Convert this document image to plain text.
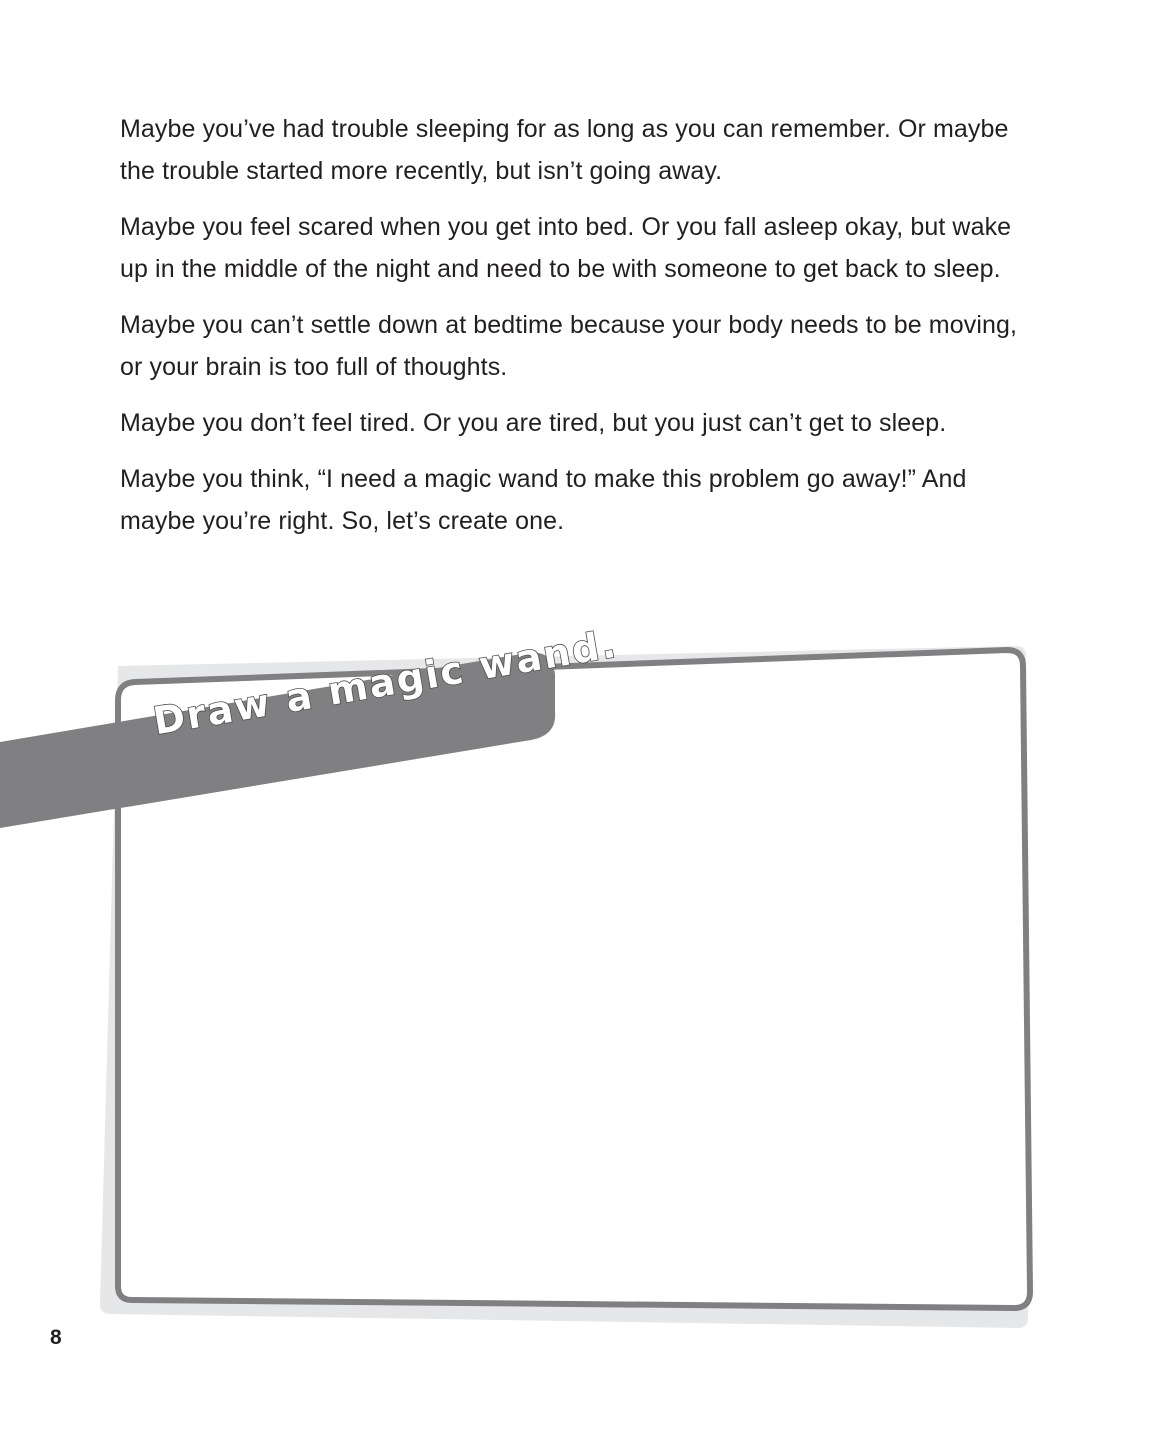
Maybe you’ve had trouble sleeping for as long as you can remember. Or maybe the trouble started more recently, but isn’t going away.

Maybe you feel scared when you get into bed. Or you fall asleep okay, but wake up in the middle of the night and need to be with someone to get back to sleep.

Maybe you can’t settle down at bedtime because your body needs to be moving, or your brain is too full of thoughts.

Maybe you don’t feel tired. Or you are tired, but you just can’t get to sleep.

Maybe you think, “I need a magic wand to make this problem go away!” And maybe you’re right. So, let’s create one.

Draw a magic wand.
8
